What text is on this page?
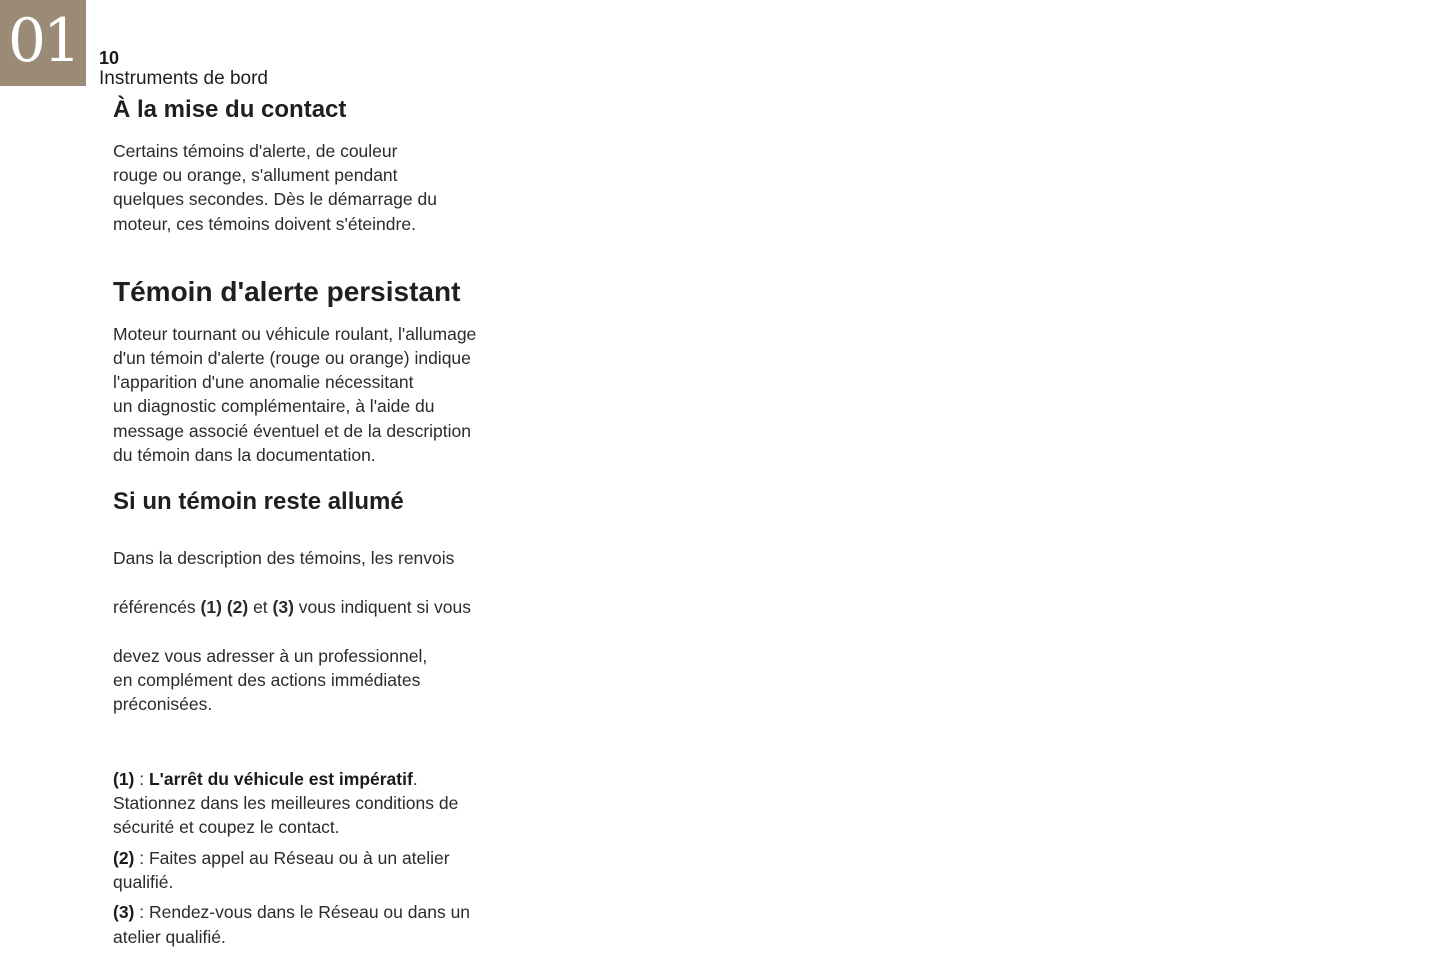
01 10
Instruments de bord
À la mise du contact

Certains témoins d'alerte, de couleur
rouge ou orange, s'allument pendant
quelques secondes. Dès le démarrage du
moteur, ces témoins doivent s'éteindre.

Témoin d'alerte persistant

Moteur tournant ou véhicule roulant, l'allumage
d'un témoin d'alerte (rouge ou orange) indique
l'apparition d'une anomalie nécessitant
un diagnostic complémentaire, à l'aide du
message associé éventuel et de la description
du témoin dans la documentation.

Si un témoin reste allumé

Dans la description des témoins, les renvois

référencés (1) (2) et (3) vous indiquent si vous

devez vous adresser à un professionnel,
en complément des actions immédiates
préconisées.

(1) : L'arrêt du véhicule est impératif.
Stationnez dans les meilleures conditions de
sécurité et coupez le contact.
(2) : Faites appel au Réseau ou à un atelier
qualifié.
(3) : Rendez-vous dans le Réseau ou dans un
atelier qualifié.
